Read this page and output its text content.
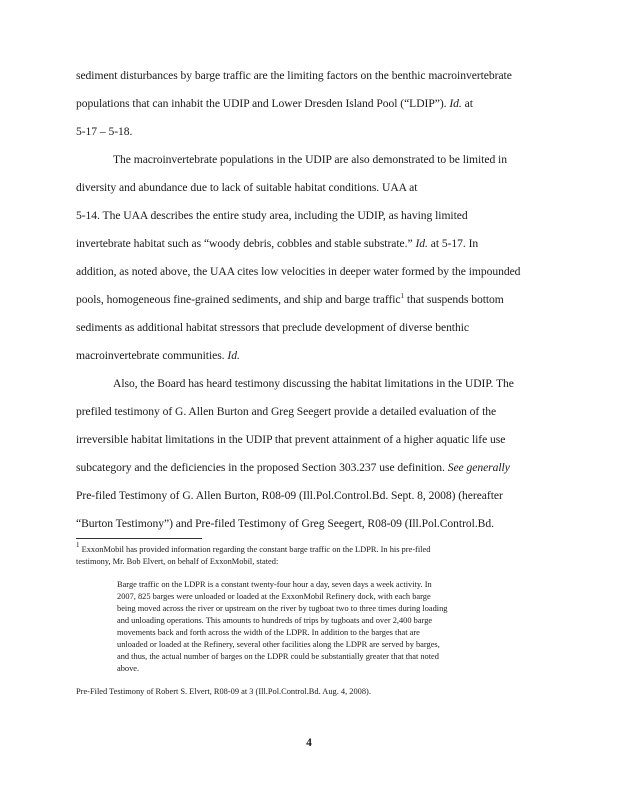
sediment disturbances by barge traffic are the limiting factors on the benthic macroinvertebrate
populations that can inhabit the UDIP and Lower Dresden Island Pool (“LDIP”). Id. at
5-17 – 5-18.
The macroinvertebrate populations in the UDIP are also demonstrated to be limited in
diversity and abundance due to lack of suitable habitat conditions. UAA at
5-14. The UAA describes the entire study area, including the UDIP, as having limited
invertebrate habitat such as “woody debris, cobbles and stable substrate.” Id. at 5-17. In
addition, as noted above, the UAA cites low velocities in deeper water formed by the impounded
pools, homogeneous fine-grained sediments, and ship and barge traffic$^1$ that suspends bottom
sediments as additional habitat stressors that preclude development of diverse benthic
macroinvertebrate communities. Id.
Also, the Board has heard testimony discussing the habitat limitations in the UDIP. The
prefiled testimony of G. Allen Burton and Greg Seegert provide a detailed evaluation of the
irreversible habitat limitations in the UDIP that prevent attainment of a higher aquatic life use
subcategory and the deficiencies in the proposed Section 303.237 use definition. See generally
Pre-filed Testimony of G. Allen Burton, R08-09 (Ill.Pol.Control.Bd. Sept. 8, 2008) (hereafter
“Burton Testimony”) and Pre-filed Testimony of Greg Seegert, R08-09 (Ill.Pol.Control.Bd.
$^1$ ExxonMobil has provided information regarding the constant barge traffic on the LDPR. In his pre-filed
testimony, Mr. Bob Elvert, on behalf of ExxonMobil, stated:
Barge traffic on the LDPR is a constant twenty-four hour a day, seven days a week activity. In
2007, 825 barges were unloaded or loaded at the ExxonMobil Refinery dock, with each barge
being moved across the river or upstream on the river by tugboat two to three times during loading
and unloading operations. This amounts to hundreds of trips by tugboats and over 2,400 barge
movements back and forth across the width of the LDPR. In addition to the barges that are
unloaded or loaded at the Refinery, several other facilities along the LDPR are served by barges,
and thus, the actual number of barges on the LDPR could be substantially greater that that noted
above.
Pre-Filed Testimony of Robert S. Elvert, R08-09 at 3 (Ill.Pol.Control.Bd. Aug. 4, 2008).
4
